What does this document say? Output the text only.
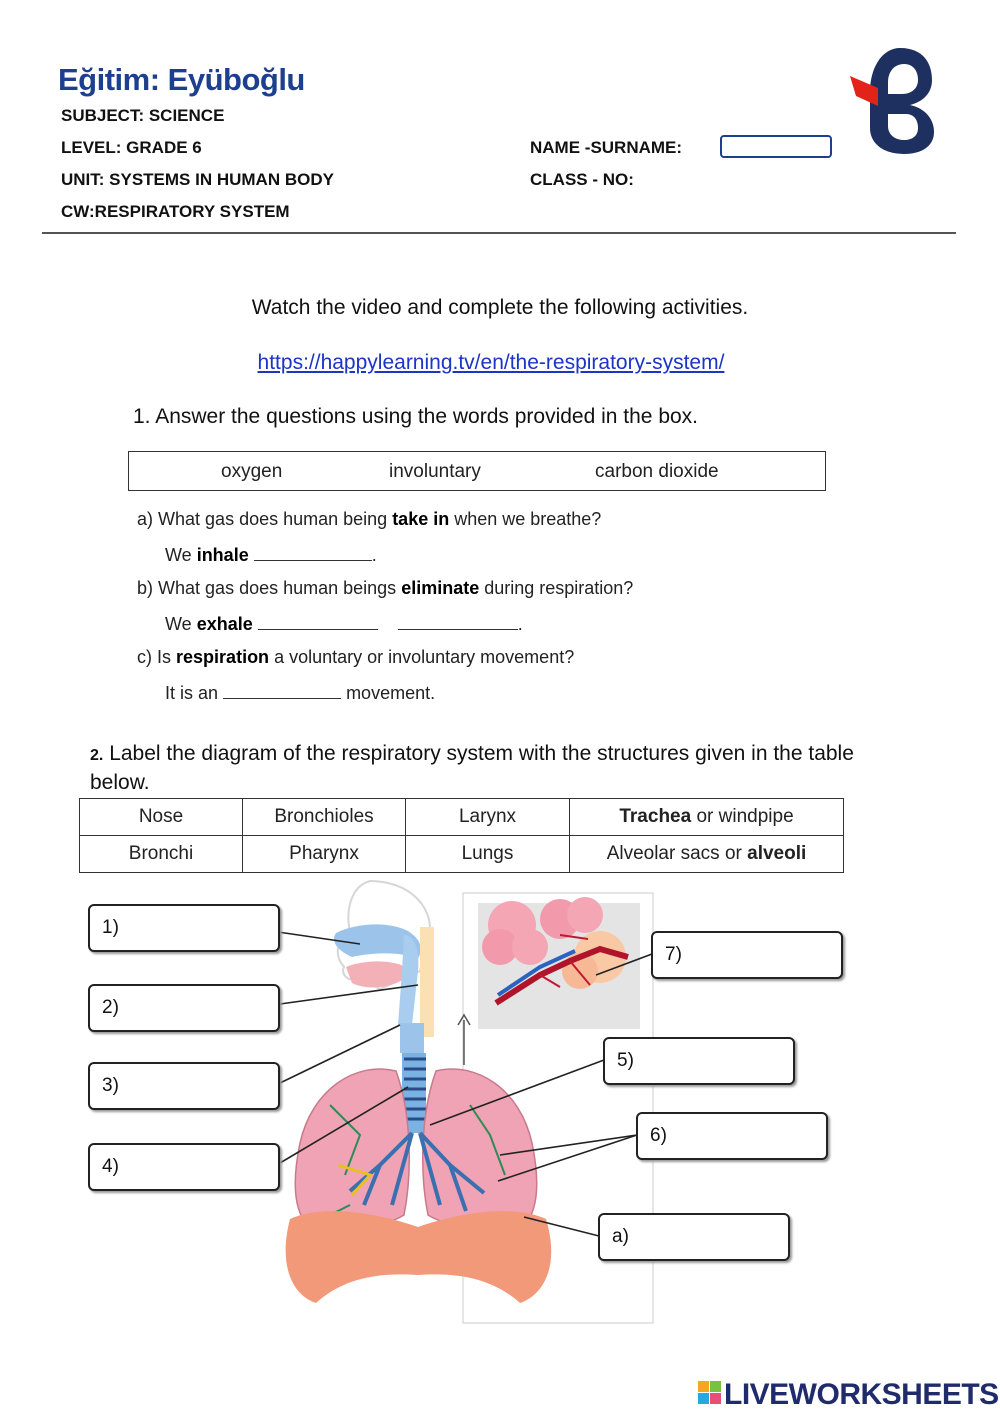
Eğitim: Eyüboğlu
SUBJECT: SCIENCE
LEVEL: GRADE 6
UNIT: SYSTEMS IN HUMAN BODY
CW:RESPIRATORY SYSTEM
NAME -SURNAME:
CLASS - NO:
Watch the video and complete the following activities.
https://happylearning.tv/en/the-respiratory-system/
1. Answer the questions using the words provided in the box.
oxygen	involuntary	carbon dioxide
a) What gas does human being take in when we breathe?
We inhale	.
b) What gas does human beings eliminate during respiration?
We exhale	.
c) Is respiration a voluntary or involuntary movement?
It is an	movement.
2. Label the diagram of the respiratory system with the structures given in the table below.
Nose	Bronchioles	Larynx	Trachea or windpipe
Bronchi	Pharynx	Lungs	Alveolar sacs or alveoli
1)
2)
3)
4)
5)
6)
7)
a)
LIVEWORKSHEETS
